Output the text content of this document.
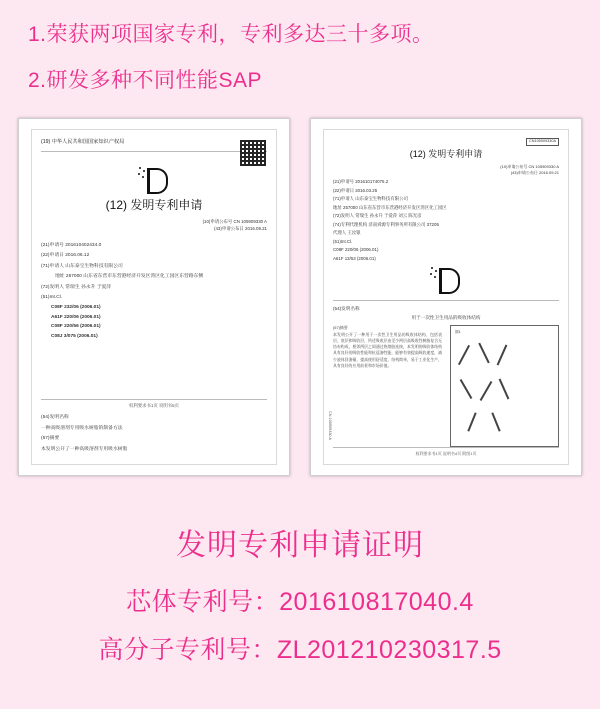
1.荣获两项国家专利，专利多达三十多项。
2.研发多种不同性能SAP
(19) 中华人民共和国国家知识产权局
(12) 发明专利申请
(10)申请公布号 CN 105909330 A
(43)申请公布日 2016.09.21
(21)申请号 201610402434.0
(22)申请日 2016.06.12
(71)申请人 山东泰宝生物科技有限公司
地址 257000 山东省东营市东营港经济开发区湾区化工园区东营路东侧
(72)发明人 常瑞生 孙永升 于爱萍
(51)Int.Cl.
C08F 232/06 (2006.01)
A61F 220/06 (2006.01)
C08F 220/56 (2006.01)
C08J 3/075 (2006.01)
权利要求书1页 说明书5页
(54)发明名称
一种高吸溶剂专用吸水树脂的制备方法
(57)摘要
本发明公开了一种高吸溶剂专用吸水树脂
CN105909330A
(12) 发明专利申请
(10)申请公布号 CN 105909330 A
(43)申请公布日 2016.09.21
(21)申请号 201610174075.2
(22)申请日 2016.03.25
(71)申请人 山东泰宝生物科技有限公司
地址 257000 山东省东营市东营港经济开发区湾区化工园区
(72)发明人 常瑞生 孙永升 于爱萍 刘云 陈光彦
(74)专利代理机构 济南舜源专利事务所有限公司 37205
代理人 王汝银
(51)Int.Cl.
C08F 220/06 (2006.01)
A61F 13/53 (2006.01)
(54)发明名称
用于一次性卫生用品的吸收体结构
(57)摘要
本发明公开了一种用于一次性卫生用品的吸收体结构，包括表层、底层和吸收层，所述吸收层由至少两层高吸收性树脂复合无纺布构成，相邻两层之间通过热熔胶连接，本发明的吸收体结构具有良好的吸收性能和抗返渗性能，能够有效提高吸收速度，减少液体回渗量，提高使用舒适度，结构简单，易于工业化生产，具有良好的应用前景和市场价值。
图1
CN 105909330 A
权利要求书1页 说明书4页 附图1页
发明专利申请证明
芯体专利号：201610817040.4
高分子专利号：ZL201210230317.5
